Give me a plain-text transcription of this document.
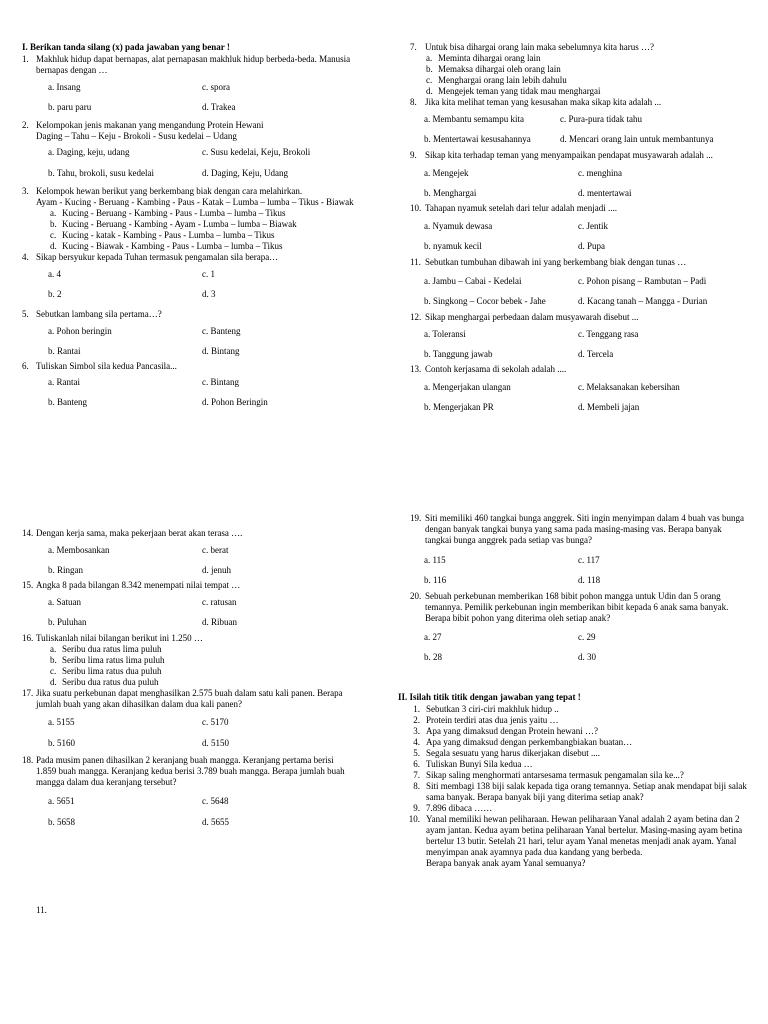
I. Berikan tanda silang (x) pada jawaban yang benar !
1. Makhluk hidup dapat bernapas, alat pernapasan makhluk hidup berbeda-beda. Manusia bernapas dengan …
a. Insang	c. spora
b. paru paru	d. Trakea
2. Kelompokan jenis makanan yang mengandung Protein Hewani
Daging – Tahu – Keju - Brokoli - Susu kedelai – Udang
a. Daging, keju, udang	c. Susu kedelai, Keju, Brokoli
b. Tahu, brokoli, susu kedelai	d. Daging, Keju, Udang
3. Kelompok hewan berikut yang berkembang biak dengan cara melahirkan.
Ayam - Kucing - Beruang - Kambing - Paus - Katak – Lumba – lumba – Tikus - Biawak
a. Kucing - Beruang - Kambing - Paus - Lumba – lumba – Tikus
b. Kucing - Beruang - Kambing - Ayam - Lumba – lumba – Biawak
c. Kucing - katak - Kambing - Paus - Lumba – lumba – Tikus
d. Kucing - Biawak - Kambing - Paus - Lumba – lumba – Tikus
4. Sikap bersyukur kepada Tuhan termasuk pengamalan sila berapa…
a. 4	c. 1
b. 2	d. 3
5. Sebutkan lambang sila pertama…?
a. Pohon beringin	c. Banteng
b. Rantai	d. Bintang
6. Tuliskan Simbol sila kedua Pancasila...
a. Rantai	c. Bintang
b. Banteng	d. Pohon Beringin
14. Dengan kerja sama, maka pekerjaan berat akan terasa ….
a. Membosankan	c. berat
b. Ringan	d. jenuh
15. Angka 8 pada bilangan 8.342 menempati nilai tempat …
a. Satuan	c. ratusan
b. Puluhan	d. Ribuan
16. Tuliskanlah nilai bilangan berikut ini 1.250 …
a. Seribu dua ratus lima puluh
b. Seribu lima ratus lima puluh
c. Seribu lima ratus dua puluh
d. Seribu dua ratus dua puluh
17. Jika suatu perkebunan dapat menghasilkan 2.575 buah dalam satu kali panen. Berapa jumlah buah yang akan dihasilkan dalam dua kali panen?
a. 5155	c. 5170
b. 5160	d. 5150
18. Pada musim panen dihasilkan 2 keranjang buah mangga. Keranjang pertama berisi 1.859 buah mangga. Keranjang kedua berisi 3.789 buah mangga. Berapa jumlah buah mangga dalam dua keranjang tersebut?
a. 5651	c. 5648
b. 5658	d. 5655
11.
7. Untuk bisa dihargai orang lain maka sebelumnya kita harus …?
a. Meminta dihargai orang lain
b. Memaksa dihargai oleh orang lain
c. Menghargai orang lain lebih dahulu
d. Mengejek teman yang tidak mau menghargai
8. Jika kita melihat teman yang kesusahan maka sikap kita adalah ...
a. Membantu semampu kita	c. Pura-pura tidak tahu
b. Mentertawai kesusahannya	d. Mencari orang lain untuk membantunya
9. Sikap kita terhadap teman yang menyampaikan pendapat musyawarah adalah ...
a. Mengejek	c. menghina
b. Menghargai	d. mentertawai
10. Tahapan nyamuk setelah dari telur adalah menjadi ....
a. Nyamuk dewasa	c. Jentik
b. nyamuk kecil	d. Pupa
11. Sebutkan tumbuhan dibawah ini yang berkembang biak dengan tunas …
a. Jambu – Cabai - Kedelai	c. Pohon pisang – Rambutan – Padi
b. Singkong – Cocor bebek - Jahe	d. Kacang tanah – Mangga - Durian
12. Sikap menghargai perbedaan dalam musyawarah disebut ...
a. Toleransi	c. Tenggang rasa
b. Tanggung jawab	d. Tercela
13. Contoh kerjasama di sekolah adalah ....
a. Mengerjakan ulangan	c. Melaksanakan kebersihan
b. Mengerjakan PR	d. Membeli jajan
19. Siti memiliki 460 tangkai bunga anggrek. Siti ingin menyimpan dalam 4 buah vas bunga dengan banyak tangkai bunya yang sama pada masing-masing vas. Berapa banyak tangkai bunga anggrek pada setiap vas bunga?
a. 115	c. 117
b. 116	d. 118
20. Sebuah perkebunan memberikan 168 bibit pohon mangga untuk Udin dan 5 orang temannya. Pemilik perkebunan ingin memberikan bibit kepada 6 anak sama banyak. Berapa bibit pohon yang diterima oleh setiap anak?
a. 27	c. 29
b. 28	d. 30
II. Isilah titik titik dengan jawaban yang tepat !
1. Sebutkan 3 ciri-ciri makhluk hidup ..
2. Protein terdiri atas dua jenis yaitu …
3. Apa yang dimaksud dengan Protein hewani …?
4. Apa yang dimaksud dengan perkembangbiakan buatan…
5. Segala sesuatu yang harus dikerjakan disebut ....
6. Tuliskan Bunyi Sila kedua …
7. Sikap saling menghormati antarsesama termasuk pengamalan sila ke...?
8. Siti membagi 138 biji salak kepada tiga orang temannya. Setiap anak mendapat biji salak sama banyak. Berapa banyak biji yang diterima setiap anak?
9. 7.896 dibaca ……
10. Yanal memiliki hewan peliharaan. Hewan peliharaan Yanal adalah 2 ayam betina dan 2 ayam jantan. Kedua ayam betina peliharaan Yanal bertelur. Masing-masing ayam betina bertelur 13 butir. Setelah 21 hari, telur ayam Yanal menetas menjadi anak ayam. Yanal menyimpan anak ayamnya pada dua kandang yang berbeda.
Berapa banyak anak ayam Yanal semuanya?
